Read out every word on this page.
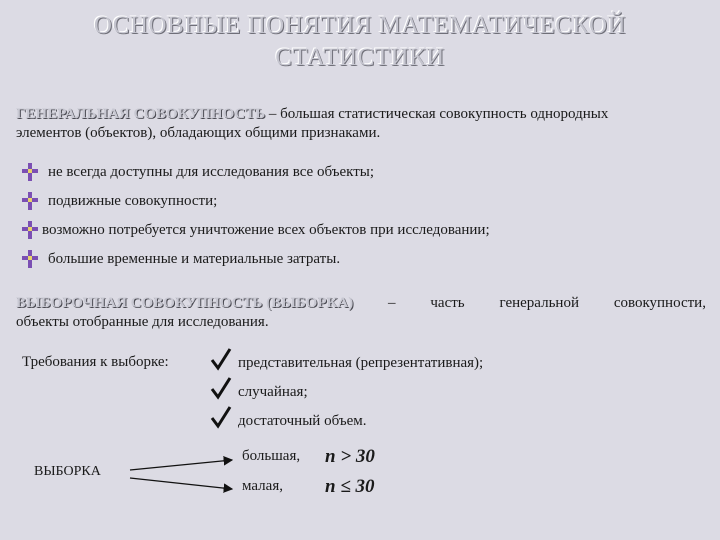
ОСНОВНЫЕ ПОНЯТИЯ МАТЕМАТИЧЕСКОЙ
СТАТИСТИКИ
ГЕНЕРАЛЬНАЯ СОВОКУПНОСТЬ – большая статистическая совокупность однородных
элементов (объектов), обладающих общими признаками.
не всегда доступны для исследования все объекты;
подвижные совокупности;
возможно потребуется уничтожение всех объектов при исследовании;
большие временные и материальные затраты.
ВЫБОРОЧНАЯ СОВОКУПНОСТЬ (ВЫБОРКА) – часть генеральной совокупности,
объекты отобранные для исследования.
Требования к выборке:	представительная (репрезентативная);
случайная;
достаточный объем.
ВЫБОРКА
большая, n > 30
малая, n ≤ 30
